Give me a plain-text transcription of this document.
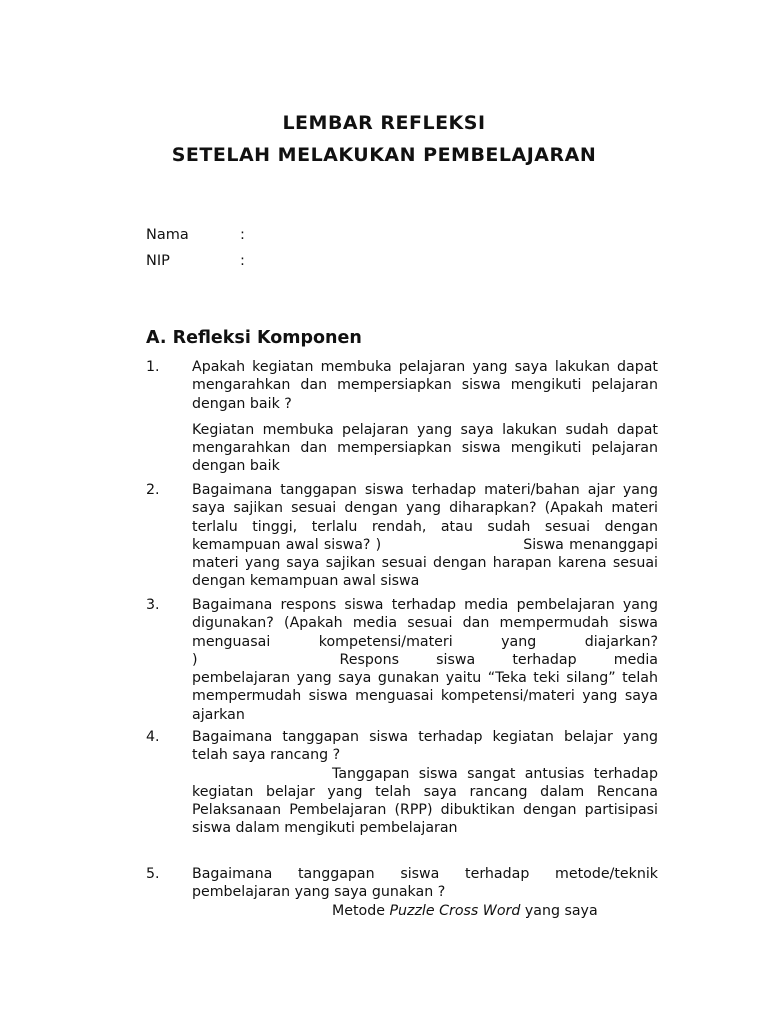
LEMBAR REFLEKSI
SETELAH MELAKUKAN PEMBELAJARAN
Nama	:
NIP	:
A. Refleksi Komponen
1. Apakah kegiatan membuka pelajaran yang saya lakukan dapat mengarahkan dan mempersiapkan siswa mengikuti pelajaran dengan baik ?

Kegiatan membuka pelajaran yang saya lakukan sudah dapat mengarahkan dan mempersiapkan siswa mengikuti pelajaran dengan baik

2. Bagaimana tanggapan siswa terhadap materi/bahan ajar yang saya sajikan sesuai dengan yang diharapkan? (Apakah materi terlalu tinggi, terlalu rendah, atau sudah sesuai dengan kemampuan awal siswa? )	Siswa menanggapi materi yang saya sajikan sesuai dengan harapan karena sesuai dengan kemampuan awal siswa
3. Bagaimana respons siswa terhadap media pembelajaran yang digunakan? (Apakah media sesuai dan mempermudah siswa menguasai kompetensi/materi yang diajarkan? )	Respons siswa terhadap media pembelajaran yang saya gunakan yaitu “Teka teki silang” telah mempermudah siswa menguasai kompetensi/materi yang saya ajarkan
4. Bagaimana tanggapan siswa terhadap kegiatan belajar yang telah saya rancang ?

Tanggapan siswa sangat antusias terhadap kegiatan belajar yang telah saya rancang dalam Rencana Pelaksanaan Pembelajaran (RPP) dibuktikan dengan partisipasi siswa dalam mengikuti pembelajaran

5. Bagaimana tanggapan siswa terhadap metode/teknik pembelajaran yang saya gunakan ?

Metode Puzzle Cross Word yang saya
